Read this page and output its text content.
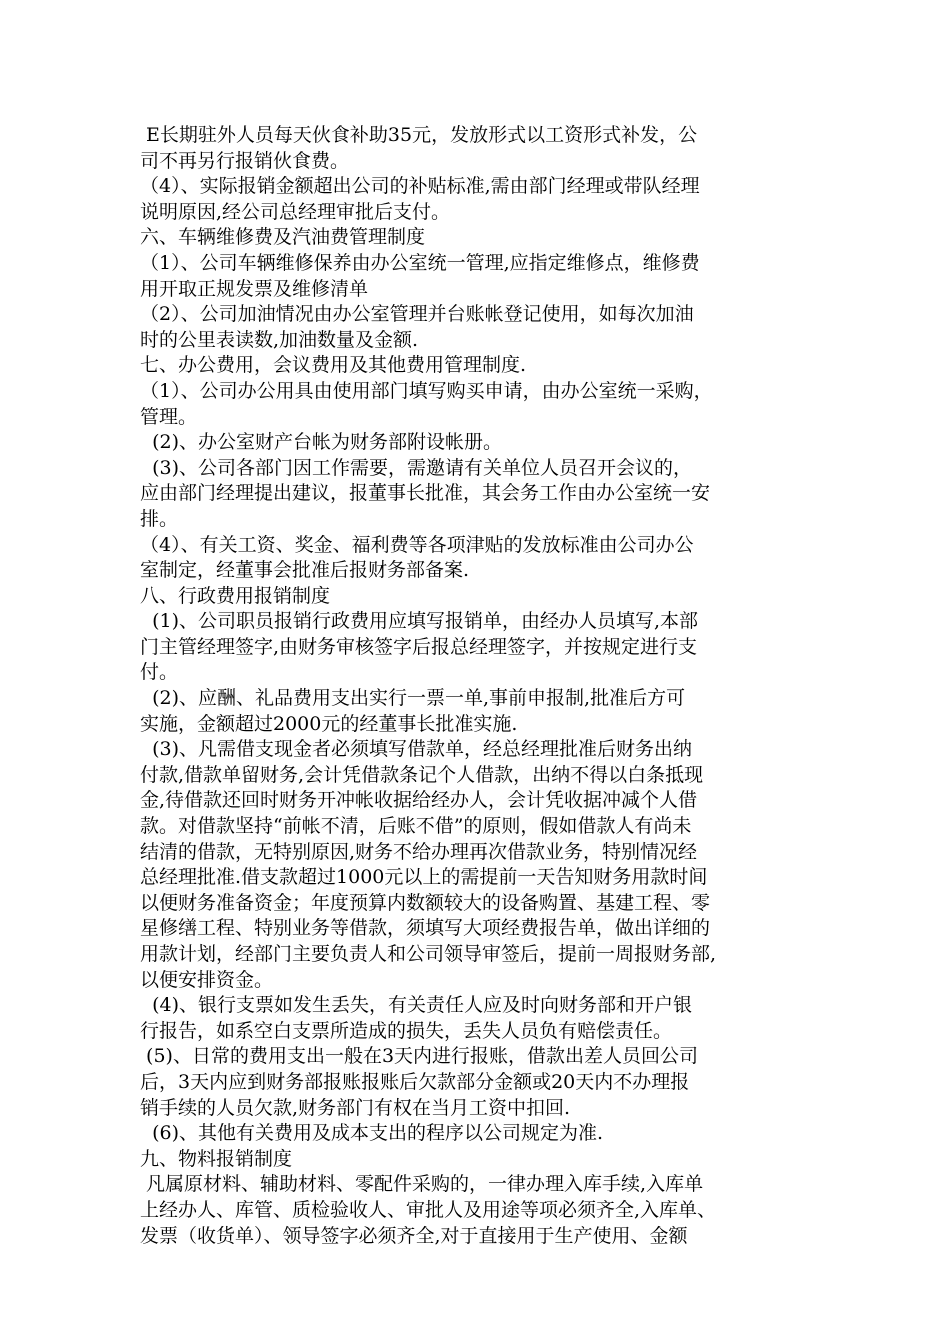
E长期驻外人员每天伙食补助35元，发放形式以工资形式补发，公
司不再另行报销伙食费。
（4）、实际报销金额超出公司的补贴标准,需由部门经理或带队经理
说明原因,经公司总经理审批后支付。
六、车辆维修费及汽油费管理制度
（1）、公司车辆维修保养由办公室统一管理,应指定维修点，维修费
用开取正规发票及维修清单
（2）、公司加油情况由办公室管理并台账帐登记使用，如每次加油
时的公里表读数,加油数量及金额.
七、办公费用，会议费用及其他费用管理制度.
（1）、公司办公用具由使用部门填写购买申请，由办公室统一采购，
管理。
(2)、办公室财产台帐为财务部附设帐册。
(3)、公司各部门因工作需要，需邀请有关单位人员召开会议的，
应由部门经理提出建议，报董事长批准，其会务工作由办公室统一安
排。
（4）、有关工资、奖金、福利费等各项津贴的发放标准由公司办公
室制定，经董事会批准后报财务部备案.
八、行政费用报销制度
(1)、公司职员报销行政费用应填写报销单，由经办人员填写,本部
门主管经理签字,由财务审核签字后报总经理签字，并按规定进行支
付。
(2)、应酬、礼品费用支出实行一票一单,事前申报制,批准后方可
实施，金额超过2000元的经董事长批准实施.
(3)、凡需借支现金者必须填写借款单，经总经理批准后财务出纳
付款,借款单留财务,会计凭借款条记个人借款，出纳不得以白条抵现
金,待借款还回时财务开冲帐收据给经办人，会计凭收据冲减个人借
款。对借款坚持“前帐不清，后账不借”的原则，假如借款人有尚未
结清的借款，无特别原因,财务不给办理再次借款业务，特别情况经
总经理批准.借支款超过1000元以上的需提前一天告知财务用款时间
以便财务准备资金；年度预算内数额较大的设备购置、基建工程、零
星修缮工程、特别业务等借款，须填写大项经费报告单，做出详细的
用款计划，经部门主要负责人和公司领导审签后，提前一周报财务部,
以便安排资金。
(4)、银行支票如发生丢失，有关责任人应及时向财务部和开户银
行报告，如系空白支票所造成的损失，丢失人员负有赔偿责任。
(5)、日常的费用支出一般在3天内进行报账，借款出差人员回公司
后，3天内应到财务部报账报账后欠款部分金额或20天内不办理报
销手续的人员欠款,财务部门有权在当月工资中扣回.
(6)、其他有关费用及成本支出的程序以公司规定为准.
九、物料报销制度
凡属原材料、辅助材料、零配件采购的，一律办理入库手续,入库单
上经办人、库管、质检验收人、审批人及用途等项必须齐全,入库单、
发票（收货单）、领导签字必须齐全,对于直接用于生产使用、金额
